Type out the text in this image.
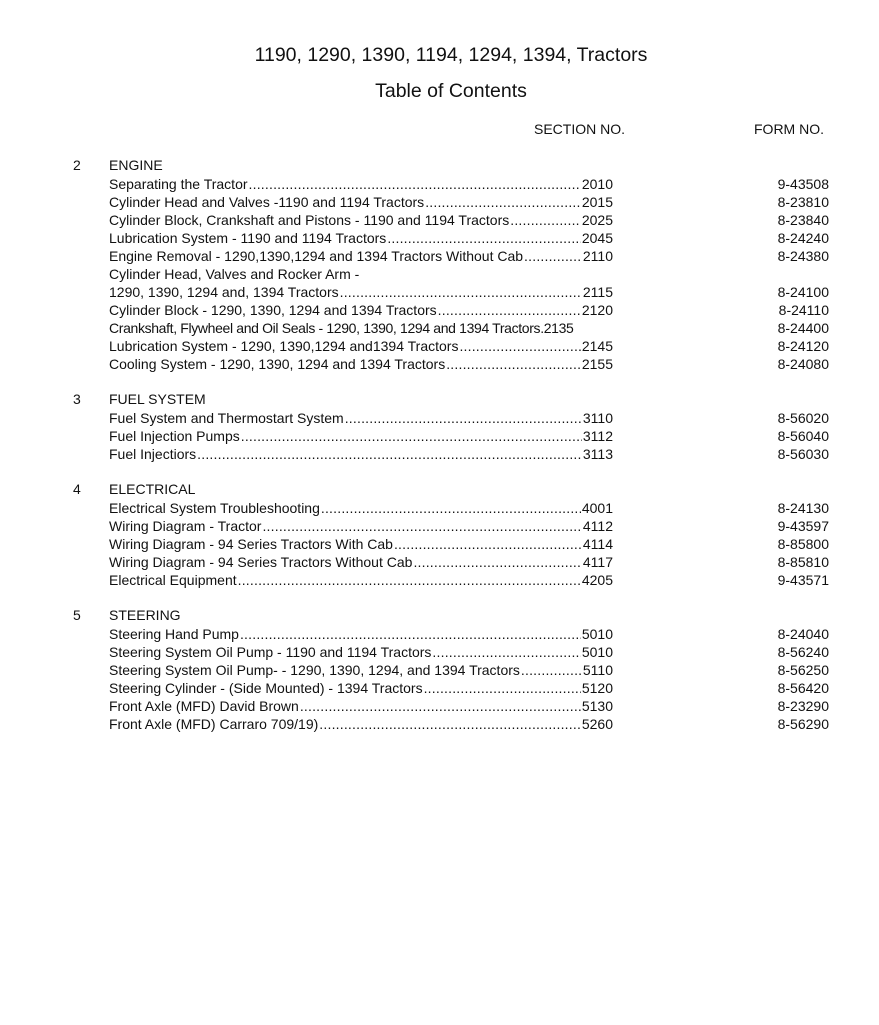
1190, 1290, 1390, 1194, 1294, 1394, Tractors
Table of Contents
SECTION NO.	FORM NO.
2 ENGINE
Separating the Tractor .....	2010	9-43508
Cylinder Head and Valves -1190 and 1194 Tractors .....	2015	8-23810
Cylinder Block, Crankshaft and Pistons - 1190 and 1194 Tractors .....	2025	8-23840
Lubrication System - 1190 and 1194 Tractors .....	2045	8-24240
Engine Removal - 1290,1390,1294 and 1394 Tractors Without Cab .....	2110	8-24380
Cylinder Head, Valves and Rocker Arm -
1290, 1390, 1294 and, 1394 Tractors .....	2115	8-24100
Cylinder Block - 1290, 1390, 1294 and 1394 Tractors .....	2120	8-24110
Crankshaft, Flywheel and Oil Seals - 1290, 1390, 1294 and 1394 Tractors. 2135	8-24400
Lubrication System - 1290, 1390,1294 and1394 Tractors .....	2145	8-24120
Cooling System - 1290, 1390, 1294 and 1394 Tractors .....	2155	8-24080
3 FUEL SYSTEM
Fuel System and Thermostart System .....	3110	8-56020
Fuel Injection Pumps .....	3112	8-56040
Fuel Injectiors .....	3113	8-56030
4 ELECTRICAL
Electrical System Troubleshooting .....	4001	8-24130
Wiring Diagram - Tractor .....	4112	9-43597
Wiring Diagram - 94 Series Tractors With Cab .....	4114	8-85800
Wiring Diagram - 94 Series Tractors Without Cab .....	4117	8-85810
Electrical Equipment .....	4205	9-43571
5 STEERING
Steering Hand Pump .....	5010	8-24040
Steering System Oil Pump - 1190 and 1194 Tractors .....	5010	8-56240
Steering System Oil Pump- - 1290, 1390, 1294, and 1394 Tractors .....	5110	8-56250
Steering Cylinder - (Side Mounted) - 1394 Tractors .....	5120	8-56420
Front Axle (MFD) David Brown .....	5130	8-23290
Front Axle (MFD) Carraro 709/19) .....	5260	8-56290
